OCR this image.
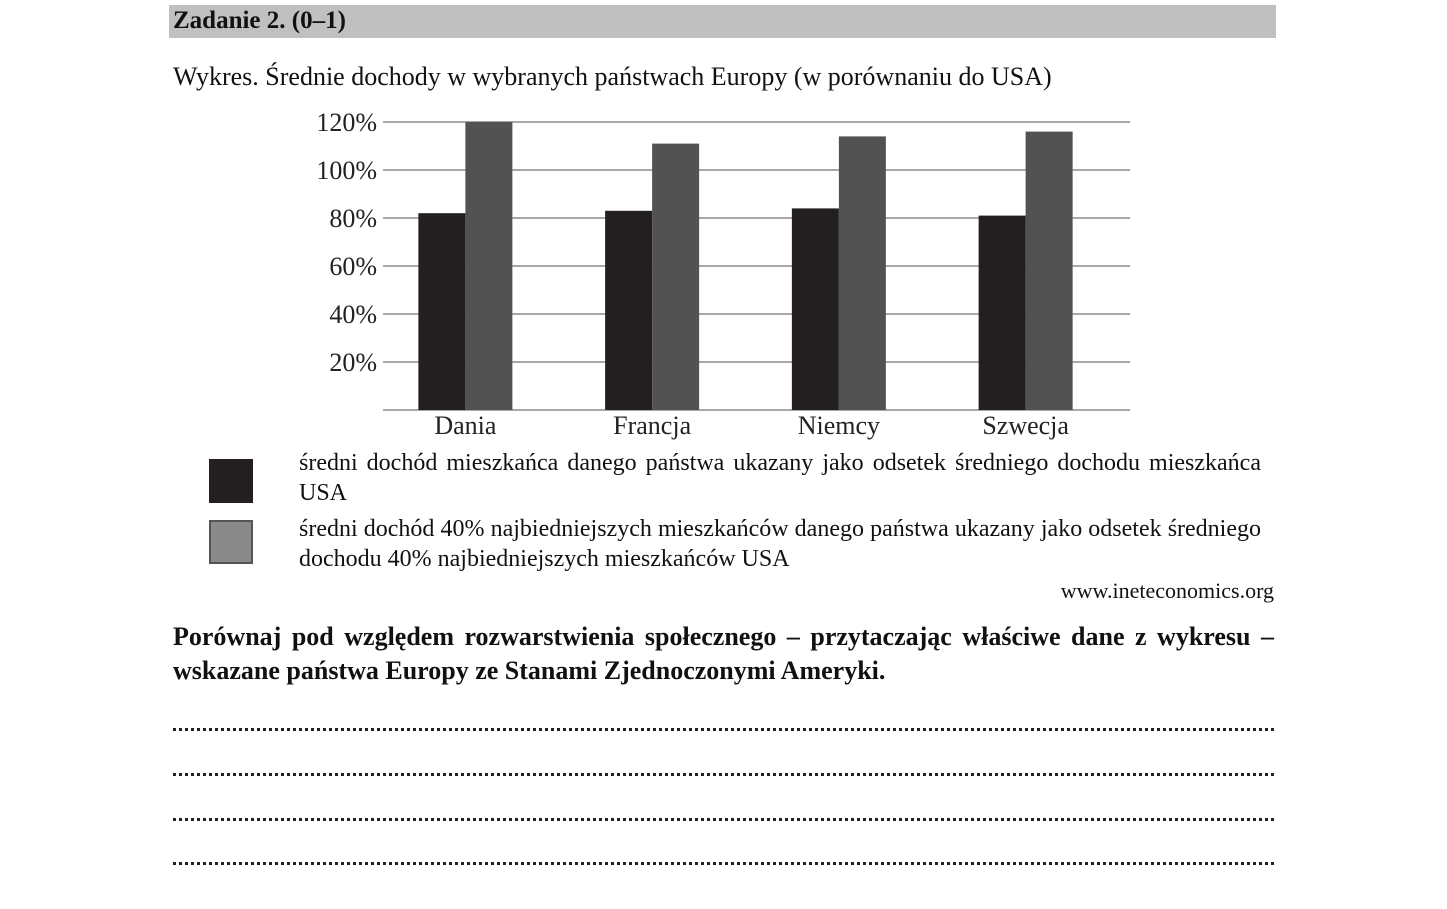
Zadanie 2. (0–1)
Wykres. Średnie dochody w wybranych państwach Europy (w porównaniu do USA)
20%
40%
60%
80%
100%
120%
Dania	Francja	Niemcy	Szwecja
średni dochód mieszkańca danego państwa ukazany jako odsetek średniego dochodu mieszkańca USA
średni dochód 40% najbiedniejszych mieszkańców danego państwa ukazany jako odsetek średniego dochodu 40% najbiedniejszych mieszkańców USA
www.ineteconomics.org
Porównaj pod względem rozwarstwienia społecznego – przytaczając właściwe dane z wykresu – wskazane państwa Europy ze Stanami Zjednoczonymi Ameryki.
